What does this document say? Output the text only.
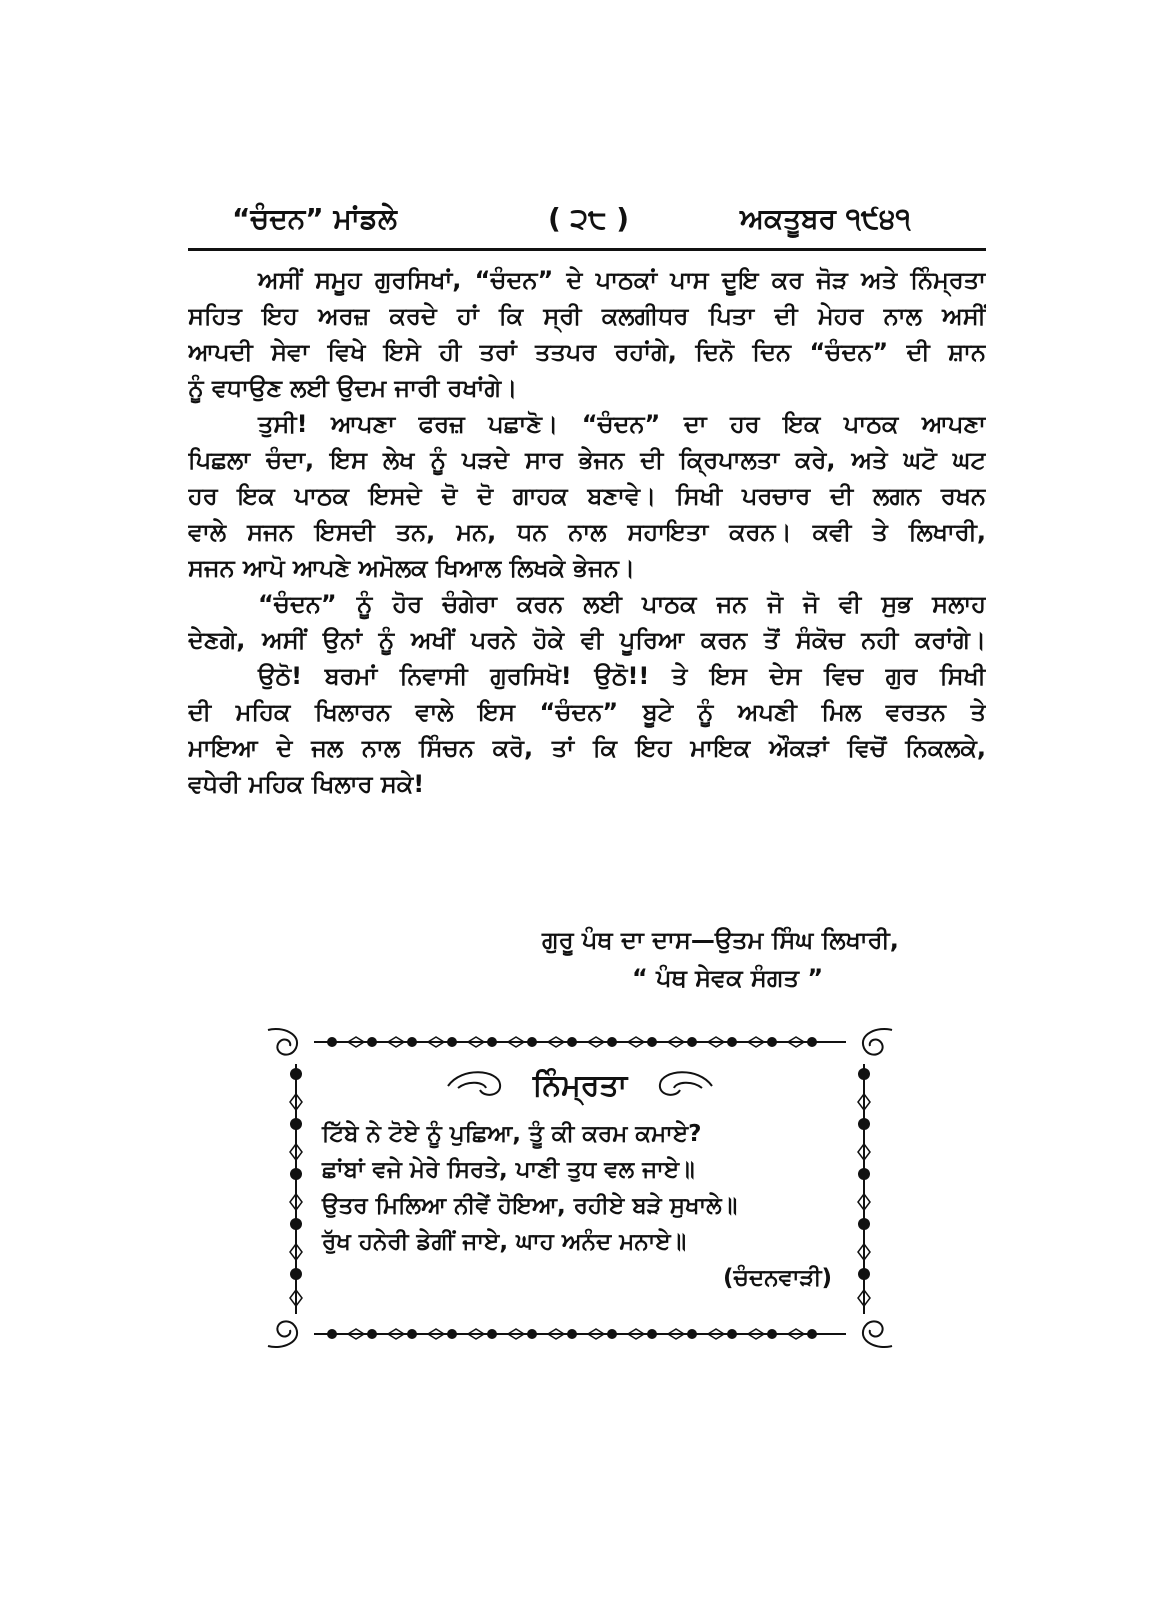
“ਚੰਦਨ” ਮਾਂਡਲੇ	( ੨੮ )	ਅਕਤੂਬਰ ੧੯੪੧
ਅਸੀਂ ਸਮੂਹ ਗੁਰਸਿਖਾਂ, “ਚੰਦਨ” ਦੇ ਪਾਠਕਾਂ ਪਾਸ ਦੂਇ ਕਰ ਜੋੜ ਅਤੇ ਨਿੰਮ੍ਰਤਾ
ਸਹਿਤ ਇਹ ਅਰਜ਼ ਕਰਦੇ ਹਾਂ ਕਿ ਸ੍ਰੀ ਕਲਗੀਧਰ ਪਿਤਾ ਦੀ ਮੇਹਰ ਨਾਲ ਅਸੀਂ
ਆਪਦੀ ਸੇਵਾ ਵਿਖੇ ਇਸੇ ਹੀ ਤਰਾਂ ਤਤਪਰ ਰਹਾਂਗੇ, ਦਿਨੋ ਦਿਨ “ਚੰਦਨ” ਦੀ ਸ਼ਾਨ
ਨੂੰ ਵਧਾਉਣ ਲਈ ਉਦਮ ਜਾਰੀ ਰਖਾਂਗੇ।
ਤੁਸੀ! ਆਪਣਾ ਫਰਜ਼ ਪਛਾਣੋ। “ਚੰਦਨ” ਦਾ ਹਰ ਇਕ ਪਾਠਕ ਆਪਣਾ
ਪਿਛਲਾ ਚੰਦਾ, ਇਸ ਲੇਖ ਨੂੰ ਪੜਦੇ ਸਾਰ ਭੇਜਨ ਦੀ ਕ੍ਰਿਪਾਲਤਾ ਕਰੇ, ਅਤੇ ਘਟੋ ਘਟ
ਹਰ ਇਕ ਪਾਠਕ ਇਸਦੇ ਦੋ ਦੋ ਗਾਹਕ ਬਣਾਵੇ। ਸਿਖੀ ਪਰਚਾਰ ਦੀ ਲਗਨ ਰਖਨ
ਵਾਲੇ ਸਜਨ ਇਸਦੀ ਤਨ, ਮਨ, ਧਨ ਨਾਲ ਸਹਾਇਤਾ ਕਰਨ। ਕਵੀ ਤੇ ਲਿਖਾਰੀ,
ਸਜਨ ਆਪੋ ਆਪਣੇ ਅਮੋਲਕ ਖਿਆਲ ਲਿਖਕੇ ਭੇਜਨ।
“ਚੰਦਨ” ਨੂੰ ਹੋਰ ਚੰਗੇਰਾ ਕਰਨ ਲਈ ਪਾਠਕ ਜਨ ਜੋ ਜੋ ਵੀ ਸੁਭ ਸਲਾਹ
ਦੇਣਗੇ, ਅਸੀਂ ਉਨਾਂ ਨੂੰ ਅਖੀਂ ਪਰਨੇ ਹੋਕੇ ਵੀ ਪੂਰਿਆ ਕਰਨ ਤੋਂ ਸੰਕੋਚ ਨਹੀ ਕਰਾਂਗੇ।
ਉਠੋ! ਬਰਮਾਂ ਨਿਵਾਸੀ ਗੁਰਸਿਖੋ! ਉਠੋ!! ਤੇ ਇਸ ਦੇਸ ਵਿਚ ਗੁਰ ਸਿਖੀ
ਦੀ ਮਹਿਕ ਖਿਲਾਰਨ ਵਾਲੇ ਇਸ “ਚੰਦਨ” ਬੂਟੇ ਨੂੰ ਅਪਣੀ ਮਿਲ ਵਰਤਨ ਤੇ
ਮਾਇਆ ਦੇ ਜਲ ਨਾਲ ਸਿੰਚਨ ਕਰੋ, ਤਾਂ ਕਿ ਇਹ ਮਾਇਕ ਔਕੜਾਂ ਵਿਚੋਂ ਨਿਕਲਕੇ,
ਵਧੇਰੀ ਮਹਿਕ ਖਿਲਾਰ ਸਕੇ!
ਗੁਰੂ ਪੰਥ ਦਾ ਦਾਸ—ਉਤਮ ਸਿੰਘ ਲਿਖਾਰੀ,
“ ਪੰਥ ਸੇਵਕ ਸੰਗਤ ”
ਨਿੰਮ੍ਰਤਾ
ਟਿੱਬੇ ਨੇ ਟੋਏ ਨੂੰ ਪੁਛਿਆ, ਤੂੰ ਕੀ ਕਰਮ ਕਮਾਏ?
ਛਾਂਬਾਂ ਵਜੇ ਮੇਰੇ ਸਿਰਤੇ, ਪਾਣੀ ਤੁਧ ਵਲ ਜਾਏ॥
ਉਤਰ ਮਿਲਿਆ ਨੀਵੇਂ ਹੋਇਆ, ਰਹੀਏ ਬੜੇ ਸੁਖਾਲੇ॥
ਰੁੱਖ ਹਨੇਰੀ ਡੇਗੀਂ ਜਾਏ, ਘਾਹ ਅਨੰਦ ਮਨਾਏ॥
(ਚੰਦਨਵਾੜੀ)
